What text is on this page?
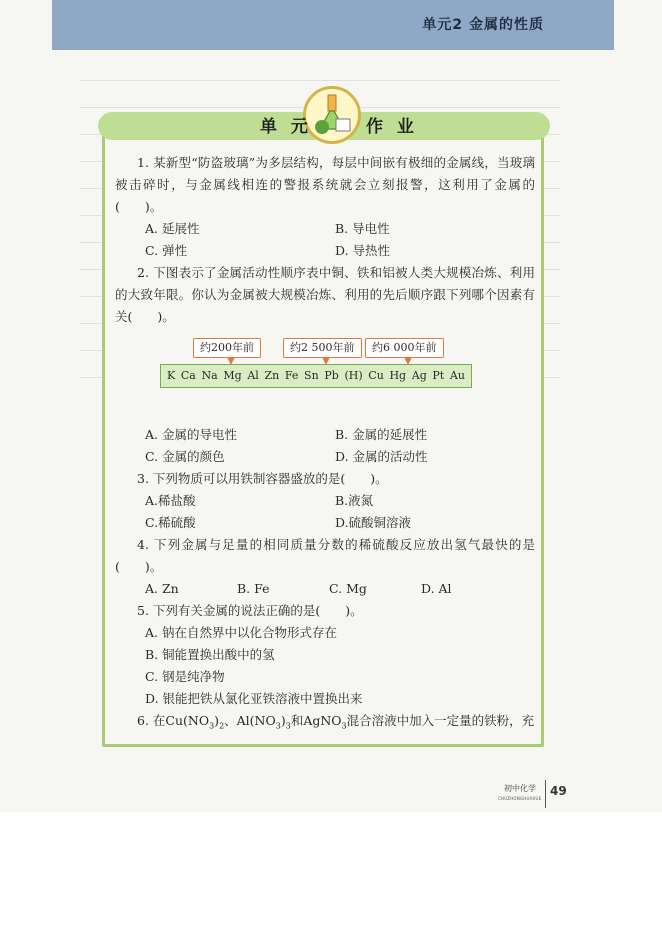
单元2 金属的性质
单 元	作 业

1. 某新型“防盗玻璃”为多层结构，每层中间嵌有极细的金属线，当玻璃被击碎时，与金属线相连的警报系统就会立刻报警，这利用了金属的(　　)。

A. 延展性	B. 导电性
C. 弹性	D. 导热性

2. 下图表示了金属活动性顺序表中铜、铁和铝被人类大规模冶炼、利用的大致年限。你认为金属被大规模冶炼、利用的先后顺序跟下列哪个因素有关(　　)。

约200年前	约2 500年前	约6 000年前
K Ca Na Mg Al Zn Fe Sn Pb (H) Cu Hg Ag Pt Au
A. 金属的导电性	B. 金属的延展性
C. 金属的颜色	D. 金属的活动性

3. 下列物质可以用铁制容器盛放的是(　　)。

A.稀盐酸	B.液氮
C.稀硫酸	D.硫酸铜溶液

4. 下列金属与足量的相同质量分数的稀硫酸反应放出氢气最快的是(　　)。

A. Zn	B. Fe	C. Mg	D. Al

5. 下列有关金属的说法正确的是(　　)。

A. 钠在自然界中以化合物形式存在
B. 铜能置换出酸中的氢
C. 钢是纯净物
D. 银能把铁从氯化亚铁溶液中置换出来

6. 在$Cu(NO_3)_2$、$Al(NO_3)_3$和AgNO$_3$混合溶液中加入一定量的铁粉，充

初中化学
CHUZHONGHUAXUE
49
